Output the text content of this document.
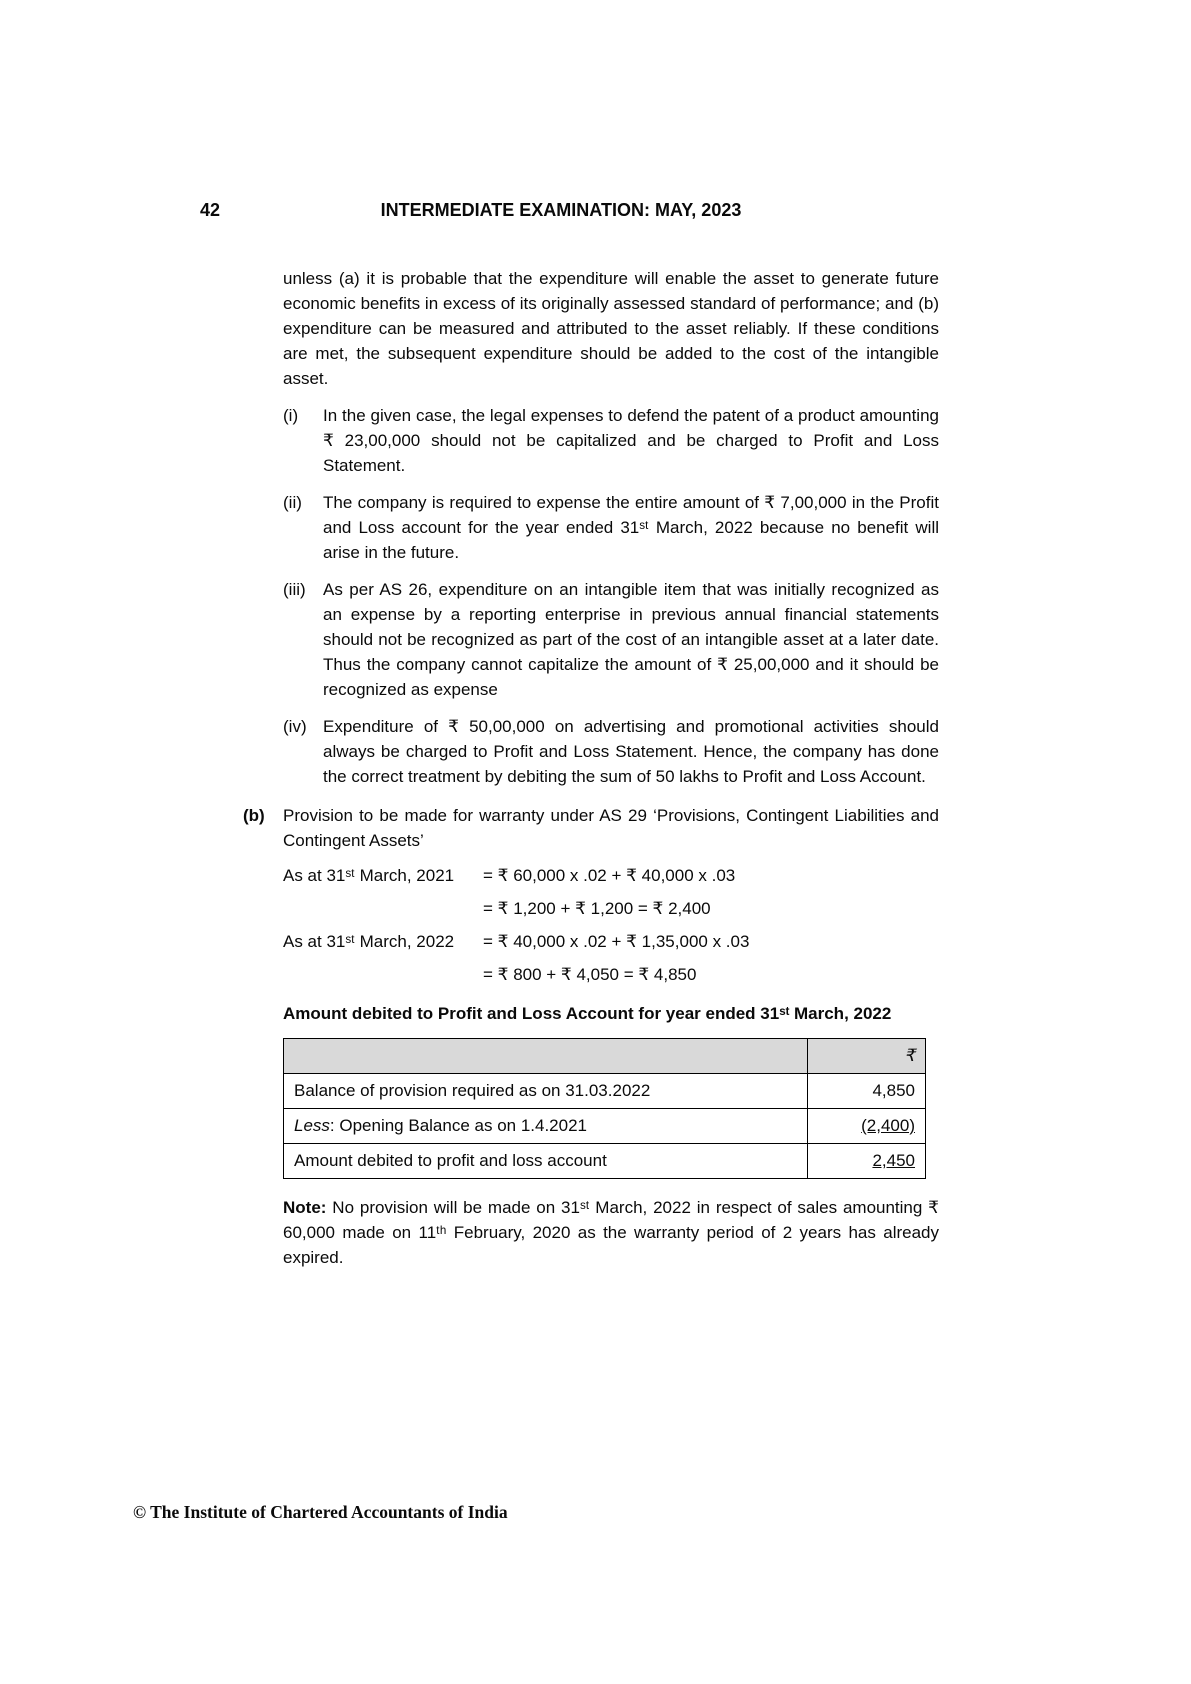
42	INTERMEDIATE EXAMINATION: MAY, 2023

unless (a) it is probable that the expenditure will enable the asset to generate future economic benefits in excess of its originally assessed standard of performance; and (b) expenditure can be measured and attributed to the asset reliably. If these conditions are met, the subsequent expenditure should be added to the cost of the intangible asset.

(i) In the given case, the legal expenses to defend the patent of a product amounting ₹ 23,00,000 should not be capitalized and be charged to Profit and Loss Statement.
(ii) The company is required to expense the entire amount of ₹ 7,00,000 in the Profit and Loss account for the year ended 31ˢᵗ March, 2022 because no benefit will arise in the future.
(iii) As per AS 26, expenditure on an intangible item that was initially recognized as an expense by a reporting enterprise in previous annual financial statements should not be recognized as part of the cost of an intangible asset at a later date. Thus the company cannot capitalize the amount of ₹ 25,00,000 and it should be recognized as expense
(iv) Expenditure of ₹ 50,00,000 on advertising and promotional activities should always be charged to Profit and Loss Statement. Hence, the company has done the correct treatment by debiting the sum of 50 lakhs to Profit and Loss Account.
(b) Provision to be made for warranty under AS 29 ‘Provisions, Contingent Liabilities and Contingent Assets’
As at 31ˢᵗ March, 2021	= ₹ 60,000 x .02 + ₹ 40,000 x .03
= ₹ 1,200 + ₹ 1,200 = ₹ 2,400
As at 31ˢᵗ March, 2022	= ₹ 40,000 x .02 + ₹ 1,35,000 x .03
= ₹ 800 + ₹ 4,050 = ₹ 4,850
Amount debited to Profit and Loss Account for year ended 31ˢᵗ March, 2022
	₹
Balance of provision required as on 31.03.2022	4,850
Less: Opening Balance as on 1.4.2021	(2,400)
Amount debited to profit and loss account	2,450

Note: No provision will be made on 31ˢᵗ March, 2022 in respect of sales amounting ₹ 60,000 made on 11ᵗʰ February, 2020 as the warranty period of 2 years has already expired.

© The Institute of Chartered Accountants of India
